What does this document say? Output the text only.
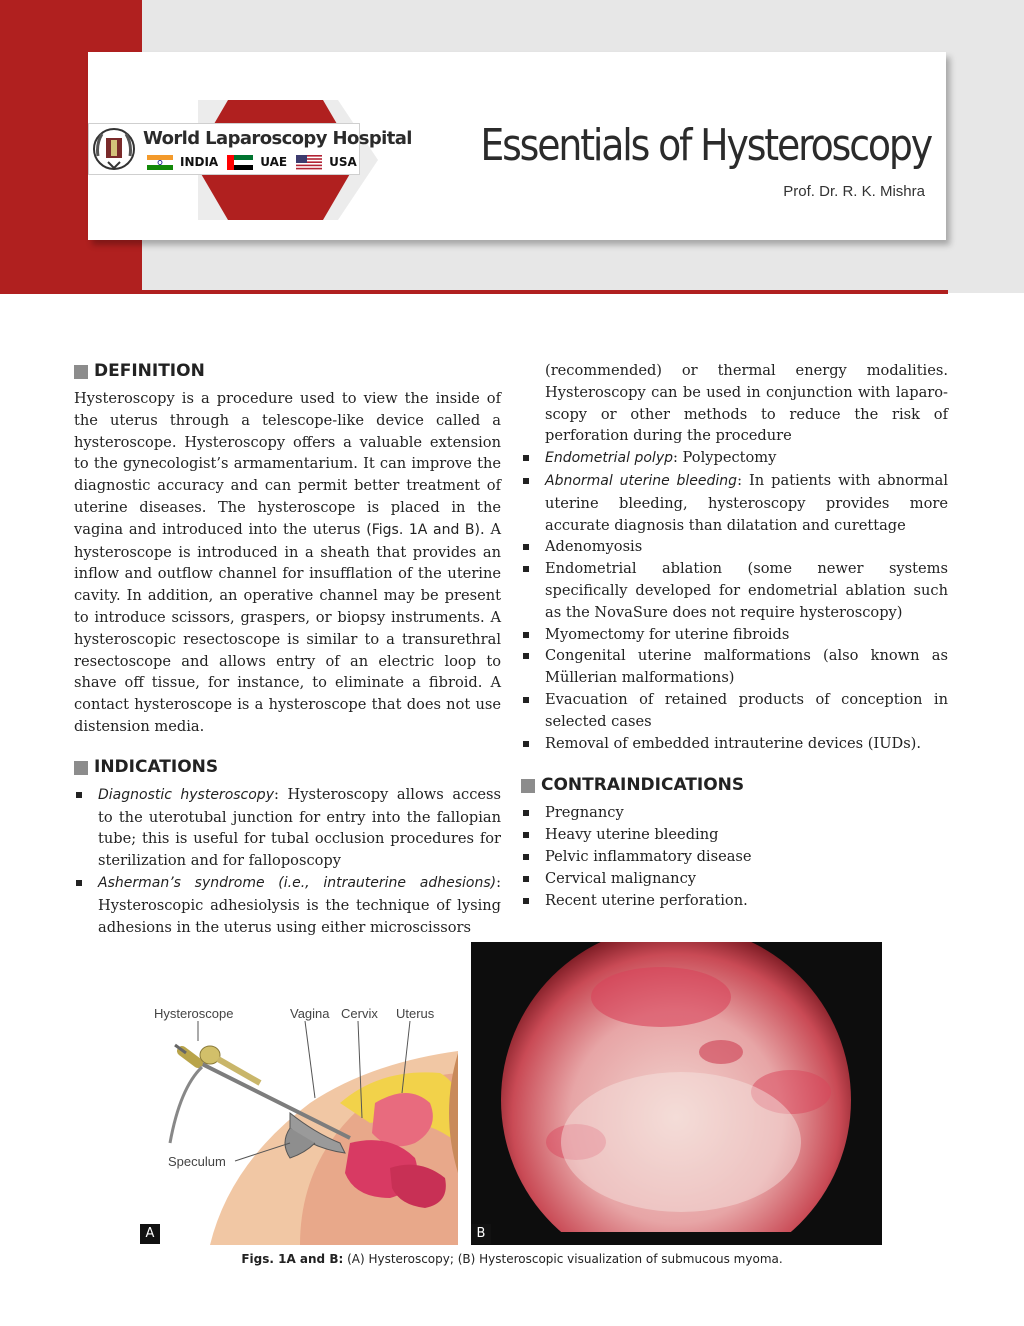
World Laparoscopy Hospital
INDIA	UAE	USA	Essentials of Hysteroscopy
Prof. Dr. R. K. Mishra
DEFINITION

Hysteroscopy is a procedure used to view the inside of the uterus through a telescope-like device called a hysteroscope. Hysteroscopy offers a valuable extension to the gynecologist’s armamentarium. It can improve the diagnostic accuracy and can permit better treatment of uterine diseases. The hysteroscope is placed in the vagina and introduced into the uterus (Figs. 1A and B). A hysteroscope is introduced in a sheath that provides an inflow and outflow channel for insufflation of the uterine cavity. In addition, an operative channel may be present to introduce scissors, graspers, or biopsy instruments. A hysteroscopic resectoscope is similar to a transurethral resectoscope and allows entry of an electric loop to shave off tissue, for instance, to eliminate a fibroid. A contact hysteroscope is a hysteroscope that does not use distension media.

INDICATIONS
Diagnostic hysteroscopy: Hysteroscopy allows access to the uterotubal junction for entry into the fallopian tube; this is useful for tubal occlusion procedures for sterilization and for falloposcopy
Asherman’s syndrome (i.e., intrauterine adhesions): Hysteroscopic adhesiolysis is the technique of lysing adhesions in the uterus using either microscissors

(recommended) or thermal energy modalities. Hysteroscopy can be used in conjunction with laparo-scopy or other methods to reduce the risk of perforation during the procedure

Endometrial polyp: Polypectomy
Abnormal uterine bleeding: In patients with abnormal uterine bleeding, hysteroscopy provides more accurate diagnosis than dilatation and curettage
Adenomyosis
Endometrial ablation (some newer systems specifically developed for endometrial ablation such as the NovaSure does not require hysteroscopy)
Myomectomy for uterine fibroids
Congenital uterine malformations (also known as Müllerian malformations)
Evacuation of retained products of conception in selected cases
Removal of embedded intrauterine devices (IUDs).
CONTRAINDICATIONS
Pregnancy
Heavy uterine bleeding
Pelvic inflammatory disease
Cervical malignancy
Recent uterine perforation.
Hysteroscope	Vagina Cervix Uterus
Speculum
A	B
Figs. 1A and B: (A) Hysteroscopy; (B) Hysteroscopic visualization of submucous myoma.
